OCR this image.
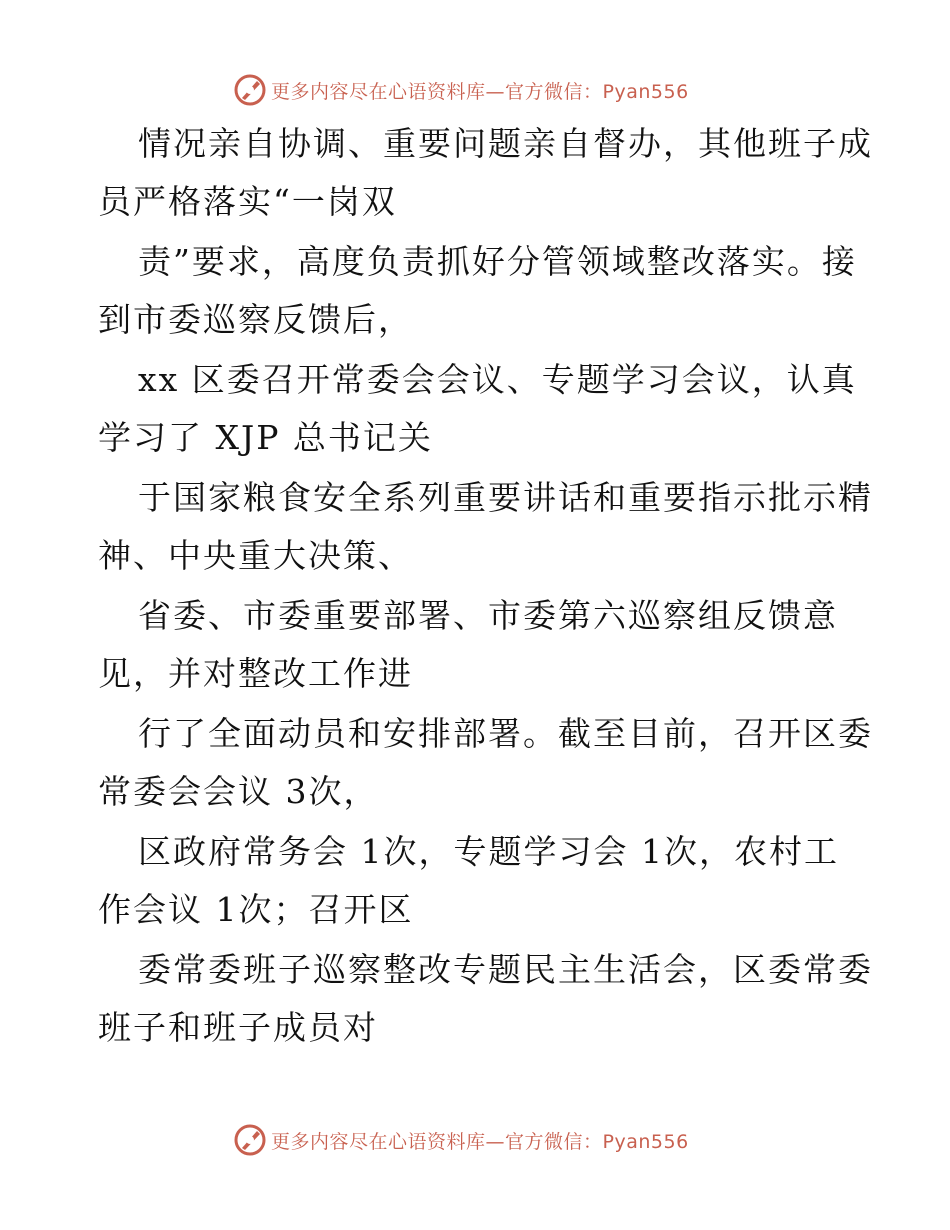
更多内容尽在心语资料库—官方微信：Pyan556
情况亲自协调、重要问题亲自督办，其他班子成
员严格落实“一岗双
责”要求，高度负责抓好分管领域整改落实。接
到市委巡察反馈后，
xx 区委召开常委会会议、专题学习会议，认真
学习了 XJP 总书记关
于国家粮食安全系列重要讲话和重要指示批示精
神、中央重大决策、
省委、市委重要部署、市委第六巡察组反馈意
见，并对整改工作进
行了全面动员和安排部署。截至目前，召开区委
常委会会议 3次，
区政府常务会 1次，专题学习会 1次，农村工
作会议 1次；召开区
委常委班子巡察整改专题民主生活会，区委常委
班子和班子成员对
更多内容尽在心语资料库—官方微信：Pyan556
